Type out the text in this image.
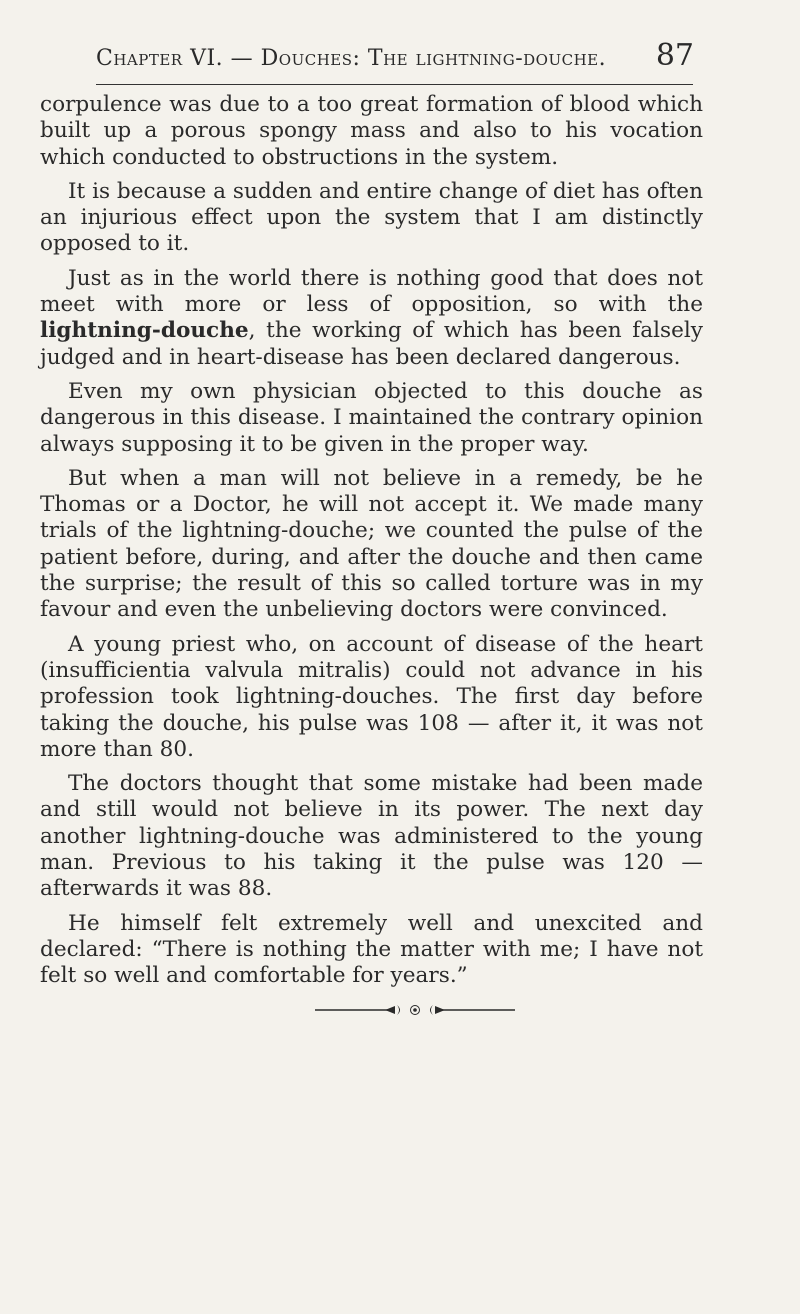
Chapter VI. — Douches: The lightning-douche. 87

corpulence was due to a too great formation of blood which built up a porous spongy mass and also to his vocation which conducted to obstructions in the system.

It is because a sudden and entire change of diet has often an injurious effect upon the system that I am distinctly opposed to it.

Just as in the world there is nothing good that does not meet with more or less of opposition, so with the lightning-douche, the working of which has been falsely judged and in heart-disease has been declared dangerous.

Even my own physician objected to this douche as dangerous in this disease. I maintained the contrary opinion always supposing it to be given in the proper way.

But when a man will not believe in a remedy, be he Thomas or a Doctor, he will not accept it. We made many trials of the lightning-douche; we counted the pulse of the patient before, during, and after the douche and then came the surprise; the result of this so called torture was in my favour and even the unbelieving doctors were convinced.

A young priest who, on account of disease of the heart (insufficientia valvula mitralis) could not advance in his profession took lightning-douches. The first day before taking the douche, his pulse was 108 — after it, it was not more than 80.

The doctors thought that some mistake had been made and still would not believe in its power. The next day another lightning-douche was administered to the young man. Previous to his taking it the pulse was 120 — afterwards it was 88.

He himself felt extremely well and unexcited and declared: “There is nothing the matter with me; I have not felt so well and comfortable for years.”
